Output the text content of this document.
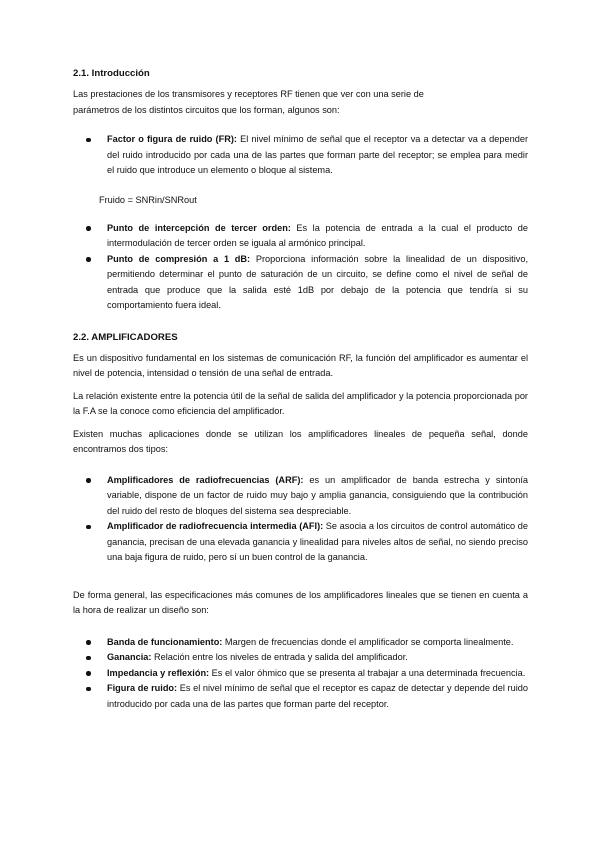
2.1. Introducción

Las prestaciones de los transmisores y receptores RF tienen que ver con una serie de

parámetros de los distintos circuitos que los forman, algunos son:

Factor o figura de ruido (FR): El nivel mínimo de señal que el receptor va a detectar va a depender del ruido introducido por cada una de las partes que forman parte del receptor; se emplea para medir el ruido que introduce un elemento o bloque al sistema.

Fruido = SNRin/SNRout

Punto de intercepción de tercer orden: Es la potencia de entrada a la cual el producto de intermodulación de tercer orden se iguala al armónico principal.
Punto de compresión a 1 dB: Proporciona información sobre la linealidad de un dispositivo, permitiendo determinar el punto de saturación de un circuito, se define como el nivel de señal de entrada que produce que la salida esté 1dB por debajo de la potencia que tendría si su comportamiento fuera ideal.

2.2. AMPLIFICADORES

Es un dispositivo fundamental en los sistemas de comunicación RF, la función del amplificador es aumentar el nivel de potencia, intensidad o tensión de una señal de entrada.

La relación existente entre la potencia útil de la señal de salida del amplificador y la potencia proporcionada por la F.A se la conoce como eficiencia del amplificador.

Existen muchas aplicaciones donde se utilizan los amplificadores lineales de pequeña señal, donde encontramos dos tipos:

Amplificadores de radiofrecuencias (ARF): es un amplificador de banda estrecha y sintonía variable, dispone de un factor de ruido muy bajo y amplia ganancia, consiguiendo que la contribución del ruido del resto de bloques del sistema sea despreciable.
Amplificador de radiofrecuencia intermedia (AFI): Se asocia a los circuitos de control automático de ganancia, precisan de una elevada ganancia y linealidad para niveles altos de señal, no siendo preciso una baja figura de ruido, pero sí un buen control de la ganancia.

De forma general, las especificaciones más comunes de los amplificadores lineales que se tienen en cuenta a la hora de realizar un diseño son:

Banda de funcionamiento: Margen de frecuencias donde el amplificador se comporta linealmente.
Ganancia: Relación entre los niveles de entrada y salida del amplificador.
Impedancia y reflexión: Es el valor óhmico que se presenta al trabajar a una determinada frecuencia.
Figura de ruido: Es el nivel mínimo de señal que el receptor es capaz de detectar y depende del ruido introducido por cada una de las partes que forman parte del receptor.
